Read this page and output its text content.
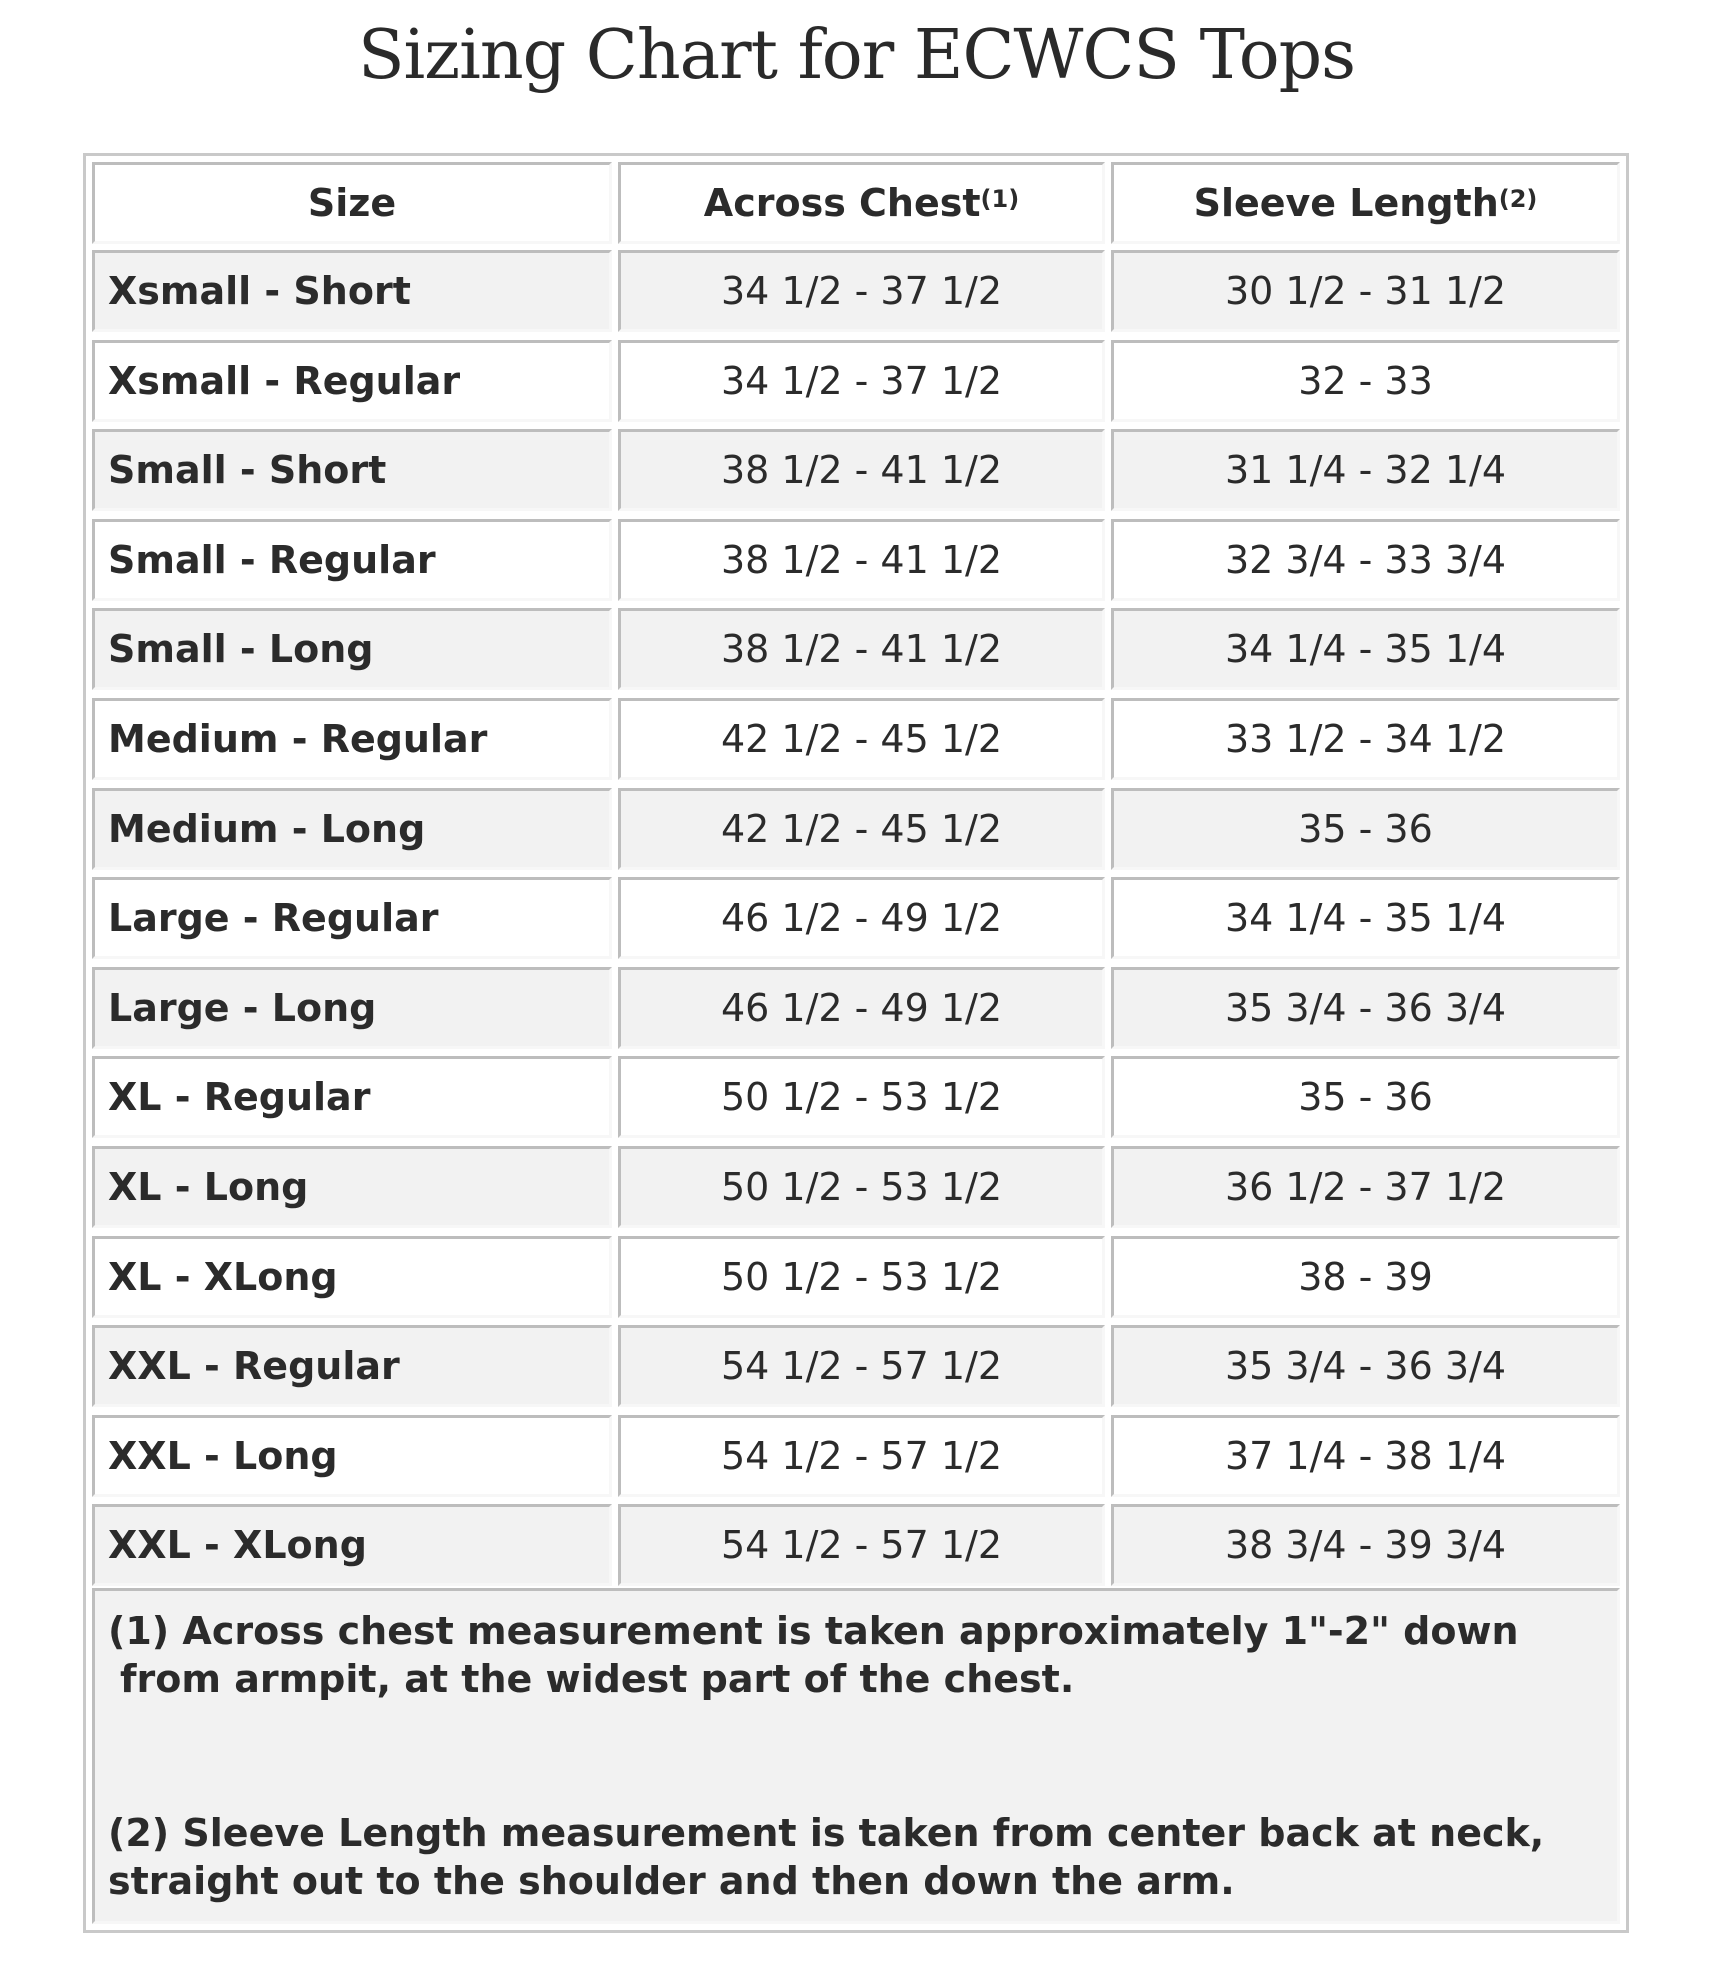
Sizing Chart for ECWCS Tops
Size	Across Chest$^{(1)}$	Sleeve Length$^{(2)}$
Xsmall - Short	34 1/2 - 37 1/2	30 1/2 - 31 1/2
Xsmall - Regular	34 1/2 - 37 1/2	32 - 33
Small - Short	38 1/2 - 41 1/2	31 1/4 - 32 1/4
Small - Regular	38 1/2 - 41 1/2	32 3/4 - 33 3/4
Small - Long	38 1/2 - 41 1/2	34 1/4 - 35 1/4
Medium - Regular	42 1/2 - 45 1/2	33 1/2 - 34 1/2
Medium - Long	42 1/2 - 45 1/2	35 - 36
Large - Regular	46 1/2 - 49 1/2	34 1/4 - 35 1/4
Large - Long	46 1/2 - 49 1/2	35 3/4 - 36 3/4
XL - Regular	50 1/2 - 53 1/2	35 - 36
XL - Long	50 1/2 - 53 1/2	36 1/2 - 37 1/2
XL - XLong	50 1/2 - 53 1/2	38 - 39
XXL - Regular	54 1/2 - 57 1/2	35 3/4 - 36 3/4
XXL - Long	54 1/2 - 57 1/2	37 1/4 - 38 1/4
XXL - XLong	54 1/2 - 57 1/2	38 3/4 - 39 3/4

(1) Across chest measurement is taken approximately 1"-2" down from armpit, at the widest part of the chest.

(2) Sleeve Length measurement is taken from center back at neck, straight out to the shoulder and then down the arm.
